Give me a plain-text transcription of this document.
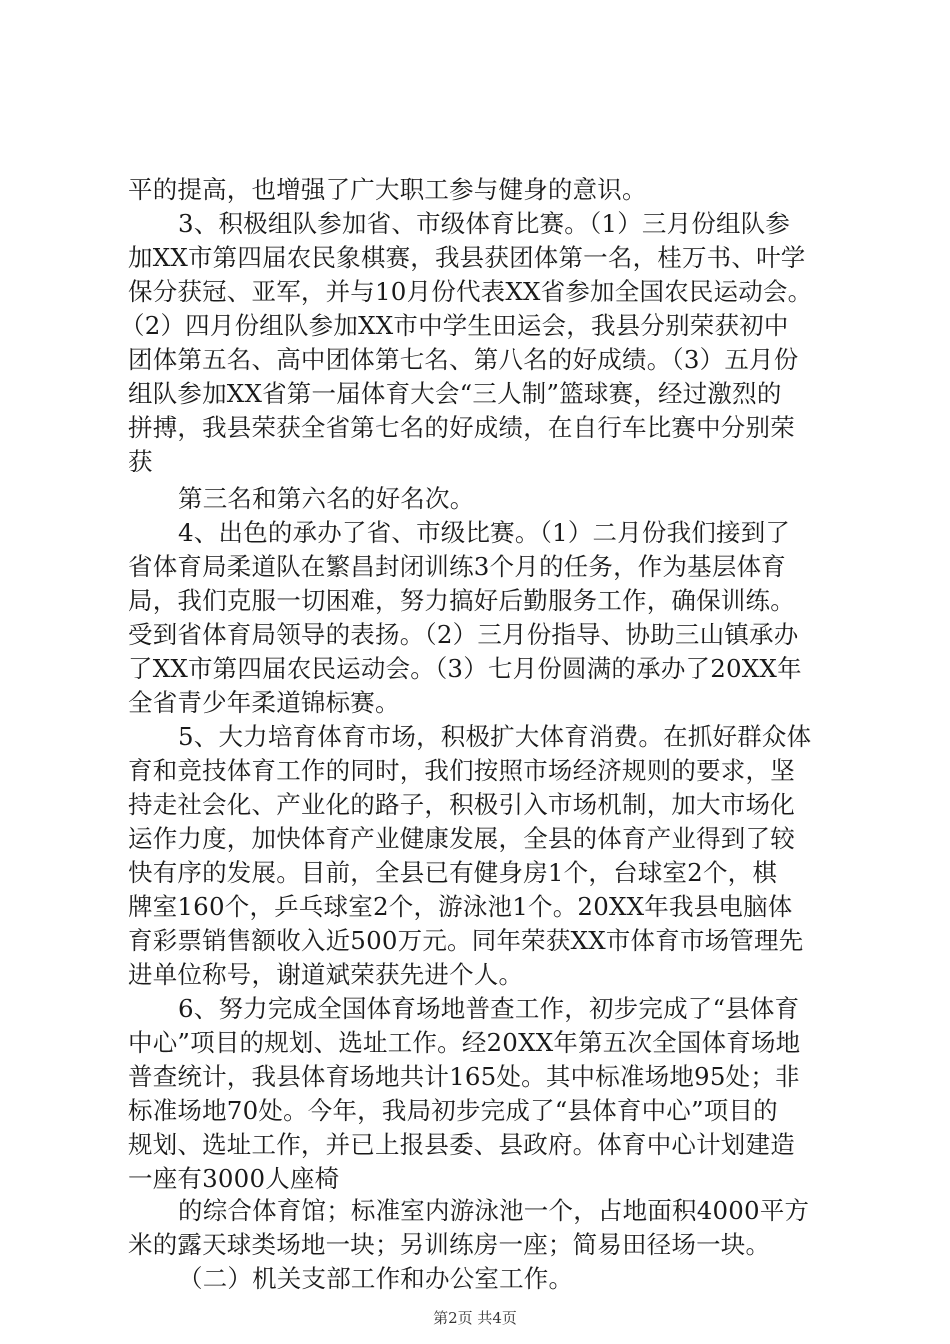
平的提高，也增强了广大职工参与健身的意识。
3、积极组队参加省、市级体育比赛。（1）三月份组队参
加XX市第四届农民象棋赛，我县获团体第一名，桂万书、叶学
保分获冠、亚军，并与10月份代表XX省参加全国农民运动会。
（2）四月份组队参加XX市中学生田运会，我县分别荣获初中
团体第五名、高中团体第七名、第八名的好成绩。（3）五月份
组队参加XX省第一届体育大会“三人制”篮球赛，经过激烈的
拼搏，我县荣获全省第七名的好成绩，在自行车比赛中分别荣
获
第三名和第六名的好名次。
4、出色的承办了省、市级比赛。（1）二月份我们接到了
省体育局柔道队在繁昌封闭训练3个月的任务，作为基层体育
局，我们克服一切困难，努力搞好后勤服务工作，确保训练。
受到省体育局领导的表扬。（2）三月份指导、协助三山镇承办
了XX市第四届农民运动会。（3）七月份圆满的承办了20XX年
全省青少年柔道锦标赛。
5、大力培育体育市场，积极扩大体育消费。在抓好群众体
育和竞技体育工作的同时，我们按照市场经济规则的要求，坚
持走社会化、产业化的路子，积极引入市场机制，加大市场化
运作力度，加快体育产业健康发展，全县的体育产业得到了较
快有序的发展。目前，全县已有健身房1个，台球室2个，棋
牌室160个，乒乓球室2个，游泳池1个。20XX年我县电脑体
育彩票销售额收入近500万元。同年荣获XX市体育市场管理先
进单位称号，谢道斌荣获先进个人。
6、努力完成全国体育场地普查工作，初步完成了“县体育
中心”项目的规划、选址工作。经20XX年第五次全国体育场地
普查统计，我县体育场地共计165处。其中标准场地95处；非
标准场地70处。今年，我局初步完成了“县体育中心”项目的
规划、选址工作，并已上报县委、县政府。体育中心计划建造
一座有3000人座椅
的综合体育馆；标准室内游泳池一个，占地面积4000平方
米的露天球类场地一块；另训练房一座；简易田径场一块。
（二）机关支部工作和办公室工作。
第2页 共4页
